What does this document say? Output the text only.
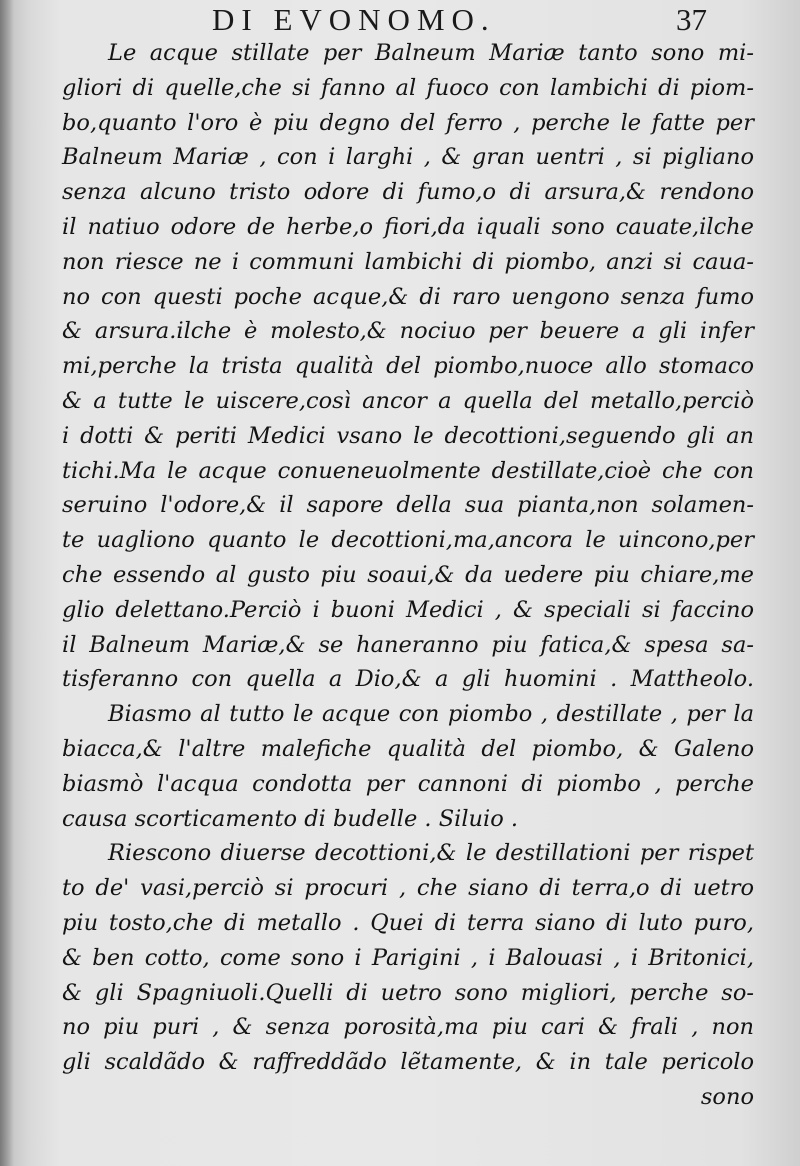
DI EVONOMO.	37
Le acque stillate per Balneum Mariæ tanto sono mi-
gliori di quelle,che si fanno al fuoco con lambichi di piom-
bo,quanto l'oro è piu degno del ferro , perche le fatte per
Balneum Mariæ , con i larghi , & gran uentri , si pigliano
senza alcuno tristo odore di fumo,o di arsura,& rendono
il natiuo odore de herbe,o fiori,da iquali sono cauate,ilche
non riesce ne i communi lambichi di piombo, anzi si caua-
no con questi poche acque,& di raro uengono senza fumo
& arsura.ilche è molesto,& nociuo per beuere a gli infer
mi,perche la trista qualità del piombo,nuoce allo stomaco
& a tutte le uiscere,così ancor a quella del metallo,perciò
i dotti & periti Medici vsano le decottioni,seguendo gli an
tichi.Ma le acque conueneuolmente destillate,cioè che con
seruino l'odore,& il sapore della sua pianta,non solamen-
te uagliono quanto le decottioni,ma,ancora le uincono,per
che essendo al gusto piu soaui,& da uedere piu chiare,me
glio delettano.Perciò i buoni Medici , & speciali si faccino
il Balneum Mariæ,& se haneranno piu fatica,& spesa sa-
tisferanno con quella a Dio,& a gli huomini . Mattheolo.
Biasmo al tutto le acque con piombo , destillate , per la
biacca,& l'altre malefiche qualità del piombo, & Galeno
biasmò l'acqua condotta per cannoni di piombo , perche
causa scorticamento di budelle . Siluio .
Riescono diuerse decottioni,& le destillationi per rispet
to de' vasi,perciò si procuri , che siano di terra,o di uetro
piu tosto,che di metallo . Quei di terra siano di luto puro,
& ben cotto, come sono i Parigini , i Balouasi , i Britonici,
& gli Spagniuoli.Quelli di uetro sono migliori, perche so-
no piu puri , & senza porosità,ma piu cari & frali , non
gli scaldãdo & raffreddãdo lẽtamente, & in tale pericolo
sono
